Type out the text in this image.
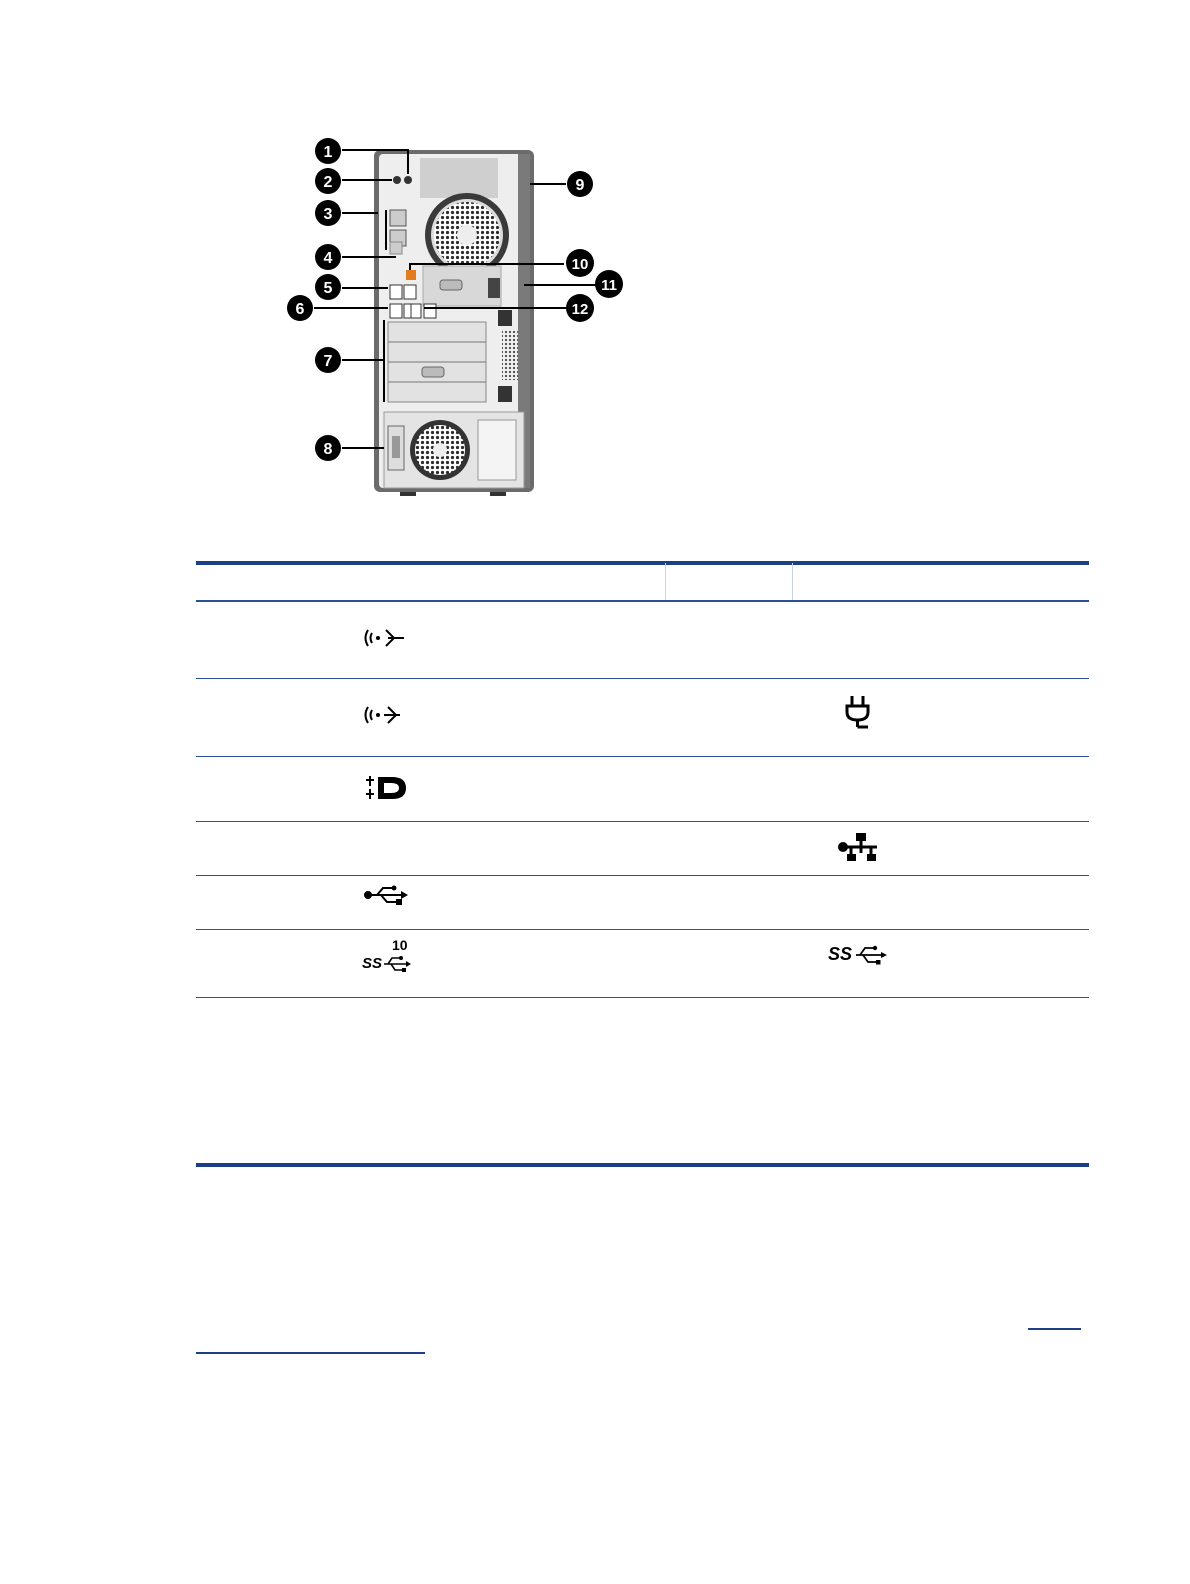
1
2
3
4
5
6
7
8
9
10
11
12
10
SS	SS
